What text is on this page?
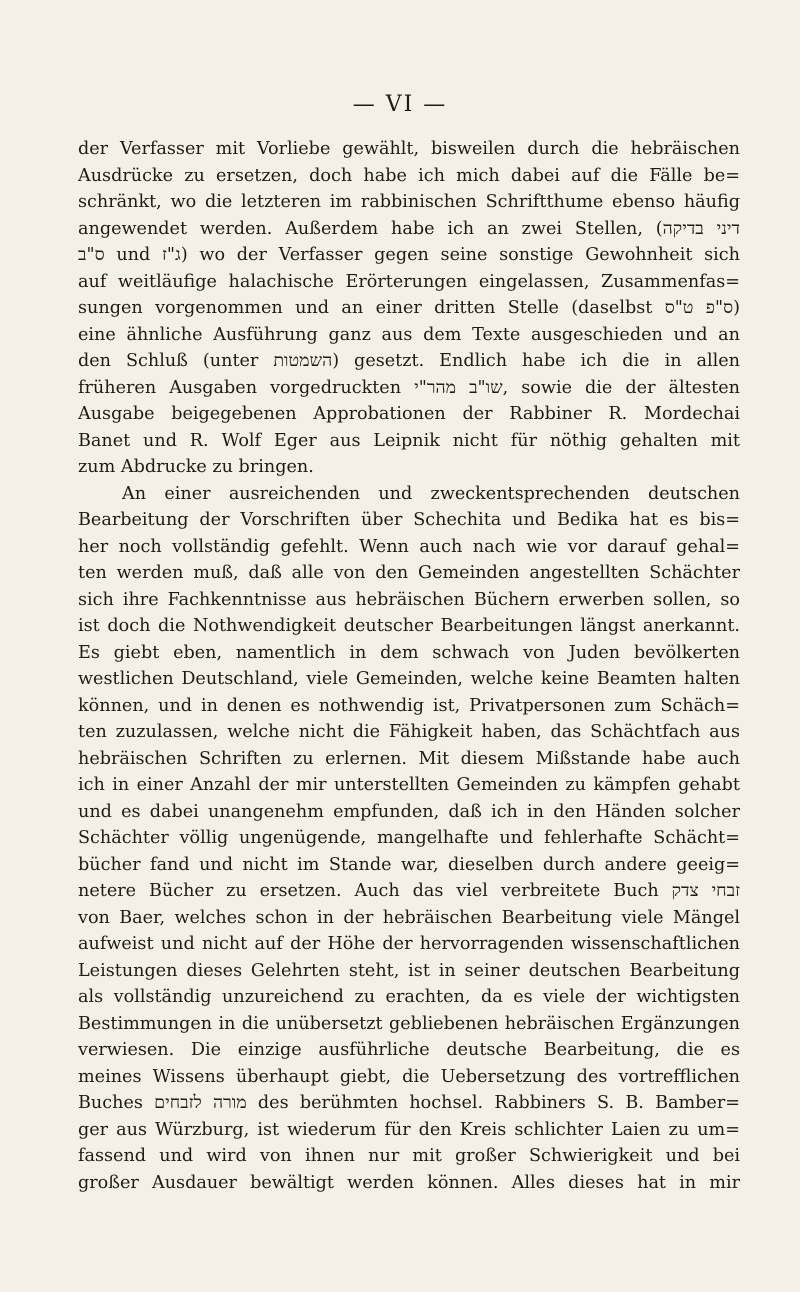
— VI —
der Verfasser mit Vorliebe gewählt, bisweilen durch die hebräischen
Ausdrücke zu ersetzen, doch habe ich mich dabei auf die Fälle be=
schränkt, wo die letzteren im rabbinischen Schriftthume ebenso häufig
angewendet werden. Außerdem habe ich an zwei Stellen, (דיני בדיקה
ס"ב und ג"ז) wo der Verfasser gegen seine sonstige Gewohnheit sich
auf weitläufige halachische Erörterungen eingelassen, Zusammenfas=
sungen vorgenommen und an einer dritten Stelle (daselbst ס"פ ט"ס)
eine ähnliche Ausführung ganz aus dem Texte ausgeschieden und an
den Schluß (unter השמטות) gesetzt. Endlich habe ich die in allen
früheren Ausgaben vorgedruckten שו"ב מהר"י, sowie die der ältesten
Ausgabe beigegebenen Approbationen der Rabbiner R. Mordechai
Banet und R. Wolf Eger aus Leipnik nicht für nöthig gehalten mit
zum Abdrucke zu bringen.
An einer ausreichenden und zweckentsprechenden deutschen
Bearbeitung der Vorschriften über Schechita und Bedika hat es bis=
her noch vollständig gefehlt. Wenn auch nach wie vor darauf gehal=
ten werden muß, daß alle von den Gemeinden angestellten Schächter
sich ihre Fachkenntnisse aus hebräischen Büchern erwerben sollen, so
ist doch die Nothwendigkeit deutscher Bearbeitungen längst anerkannt.
Es giebt eben, namentlich in dem schwach von Juden bevölkerten
westlichen Deutschland, viele Gemeinden, welche keine Beamten halten
können, und in denen es nothwendig ist, Privatpersonen zum Schäch=
ten zuzulassen, welche nicht die Fähigkeit haben, das Schächtfach aus
hebräischen Schriften zu erlernen. Mit diesem Mißstande habe auch
ich in einer Anzahl der mir unterstellten Gemeinden zu kämpfen gehabt
und es dabei unangenehm empfunden, daß ich in den Händen solcher
Schächter völlig ungenügende, mangelhafte und fehlerhafte Schächt=
bücher fand und nicht im Stande war, dieselben durch andere geeig=
netere Bücher zu ersetzen. Auch das viel verbreitete Buch זבחי צדק
von Baer, welches schon in der hebräischen Bearbeitung viele Mängel
aufweist und nicht auf der Höhe der hervorragenden wissenschaftlichen
Leistungen dieses Gelehrten steht, ist in seiner deutschen Bearbeitung
als vollständig unzureichend zu erachten, da es viele der wichtigsten
Bestimmungen in die unübersetzt gebliebenen hebräischen Ergänzungen
verwiesen. Die einzige ausführliche deutsche Bearbeitung, die es
meines Wissens überhaupt giebt, die Uebersetzung des vortrefflichen
Buches מורה לזבחים des berühmten hochsel. Rabbiners S. B. Bamber=
ger aus Würzburg, ist wiederum für den Kreis schlichter Laien zu um=
fassend und wird von ihnen nur mit großer Schwierigkeit und bei
großer Ausdauer bewältigt werden können. Alles dieses hat in mir
